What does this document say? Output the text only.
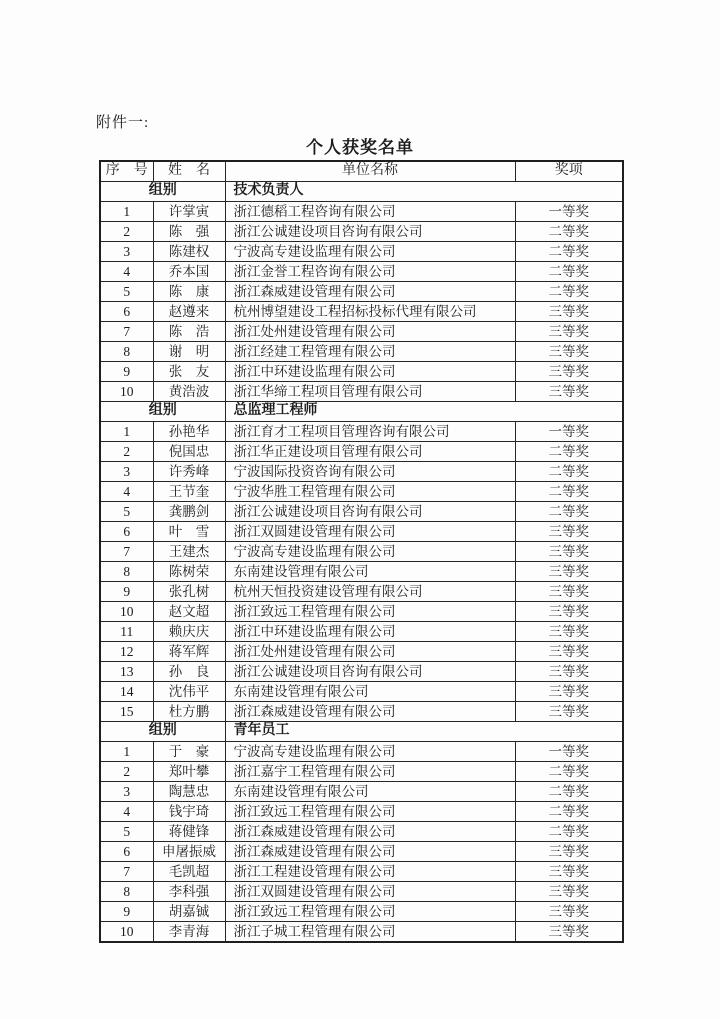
附件一:
个人获奖名单
序　号	姓　名	单位名称	奖项
组别		技术负责人	
1	许掌寅	浙江德稻工程咨询有限公司	一等奖
2	陈　强	浙江公诚建设项目咨询有限公司	二等奖
3	陈建权	宁波高专建设监理有限公司	二等奖
4	乔本国	浙江金誉工程咨询有限公司	二等奖
5	陈　康	浙江森威建设管理有限公司	二等奖
6	赵遵来	杭州博望建设工程招标投标代理有限公司	三等奖
7	陈　浩	浙江处州建设管理有限公司	三等奖
8	谢　明	浙江经建工程管理有限公司	三等奖
9	张　友	浙江中环建设监理有限公司	三等奖
10	黄浩波	浙江华缔工程项目管理有限公司	三等奖
组别		总监理工程师	
1	孙艳华	浙江育才工程项目管理咨询有限公司	一等奖
2	倪国忠	浙江华正建设项目管理有限公司	二等奖
3	许秀峰	宁波国际投资咨询有限公司	二等奖
4	王节奎	宁波华胜工程管理有限公司	二等奖
5	龚鹏剑	浙江公诚建设项目咨询有限公司	二等奖
6	叶　雪	浙江双圆建设管理有限公司	三等奖
7	王建杰	宁波高专建设监理有限公司	三等奖
8	陈树荣	东南建设管理有限公司	三等奖
9	张孔树	杭州天恒投资建设管理有限公司	三等奖
10	赵文超	浙江致远工程管理有限公司	三等奖
11	赖庆庆	浙江中环建设监理有限公司	三等奖
12	蒋军辉	浙江处州建设管理有限公司	三等奖
13	孙　良	浙江公诚建设项目咨询有限公司	三等奖
14	沈伟平	东南建设管理有限公司	三等奖
15	杜方鹏	浙江森威建设管理有限公司	三等奖
组别		青年员工	
1	于　豪	宁波高专建设监理有限公司	一等奖
2	郑叶攀	浙江嘉宇工程管理有限公司	二等奖
3	陶慧忠	东南建设管理有限公司	二等奖
4	钱宇琦	浙江致远工程管理有限公司	二等奖
5	蒋健锋	浙江森威建设管理有限公司	二等奖
6	申屠振威	浙江森威建设管理有限公司	三等奖
7	毛凯超	浙江工程建设管理有限公司	三等奖
8	李科强	浙江双圆建设管理有限公司	三等奖
9	胡嘉铖	浙江致远工程管理有限公司	三等奖
10	李青海	浙江子城工程管理有限公司	三等奖
